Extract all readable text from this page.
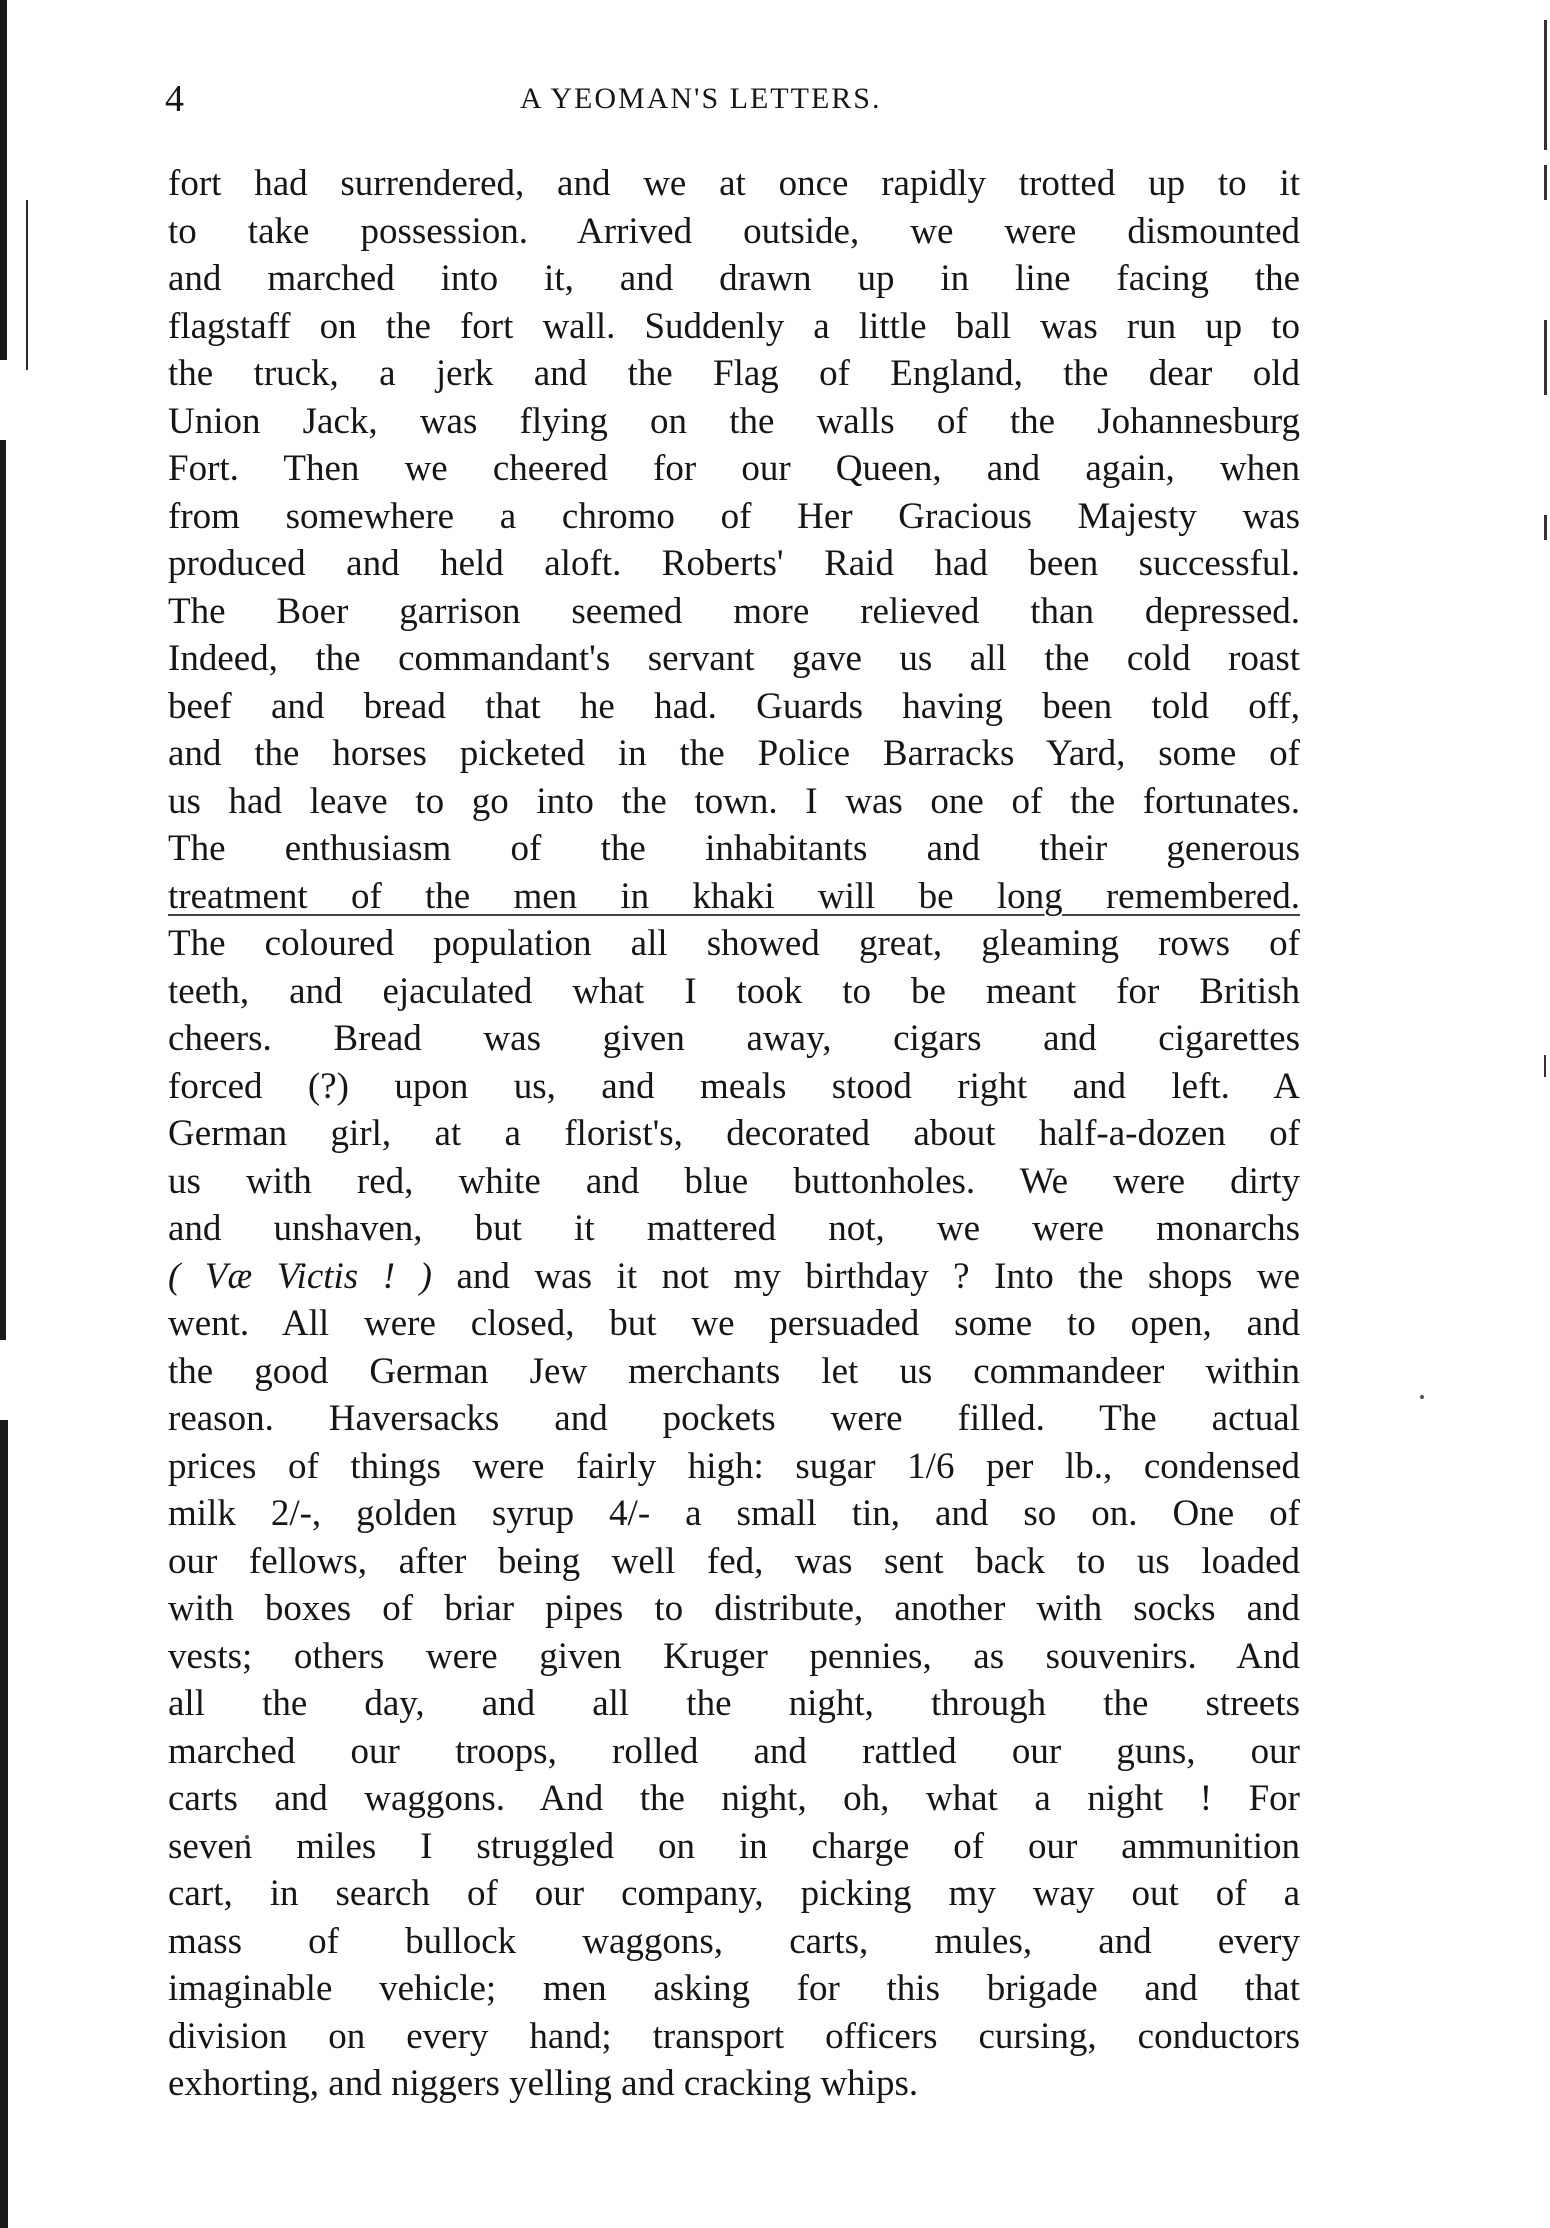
4	A YEOMAN'S LETTERS.
fort had surrendered, and we at once rapidly trotted up to it
to take possession. Arrived outside, we were dismounted
and marched into it, and drawn up in line facing the
flagstaff on the fort wall. Suddenly a little ball was run up to
the truck, a jerk and the Flag of England, the dear old
Union Jack, was flying on the walls of the Johannesburg
Fort. Then we cheered for our Queen, and again, when
from somewhere a chromo of Her Gracious Majesty was
produced and held aloft. Roberts' Raid had been successful.
The Boer garrison seemed more relieved than depressed.
Indeed, the commandant's servant gave us all the cold roast
beef and bread that he had. Guards having been told off,
and the horses picketed in the Police Barracks Yard, some of
us had leave to go into the town. I was one of the fortunates.
The enthusiasm of the inhabitants and their generous
treatment of the men in khaki will be long remembered.
The coloured population all showed great, gleaming rows of
teeth, and ejaculated what I took to be meant for British
cheers. Bread was given away, cigars and cigarettes
forced (?) upon us, and meals stood right and left. A
German girl, at a florist's, decorated about half-a-dozen of
us with red, white and blue buttonholes. We were dirty
and unshaven, but it mattered not, we were monarchs
( Væ Victis ! ) and was it not my birthday ? Into the shops we
went. All were closed, but we persuaded some to open, and
the good German Jew merchants let us commandeer within
reason. Haversacks and pockets were filled. The actual
prices of things were fairly high: sugar 1/6 per lb., condensed
milk 2/-, golden syrup 4/- a small tin, and so on. One of
our fellows, after being well fed, was sent back to us loaded
with boxes of briar pipes to distribute, another with socks and
vests; others were given Kruger pennies, as souvenirs. And
all the day, and all the night, through the streets
marched our troops, rolled and rattled our guns, our
carts and waggons. And the night, oh, what a night ! For
seven miles I struggled on in charge of our ammunition
cart, in search of our company, picking my way out of a
mass of bullock waggons, carts, mules, and every
imaginable vehicle; men asking for this brigade and that
division on every hand; transport officers cursing, conductors
exhorting, and niggers yelling and cracking whips.
